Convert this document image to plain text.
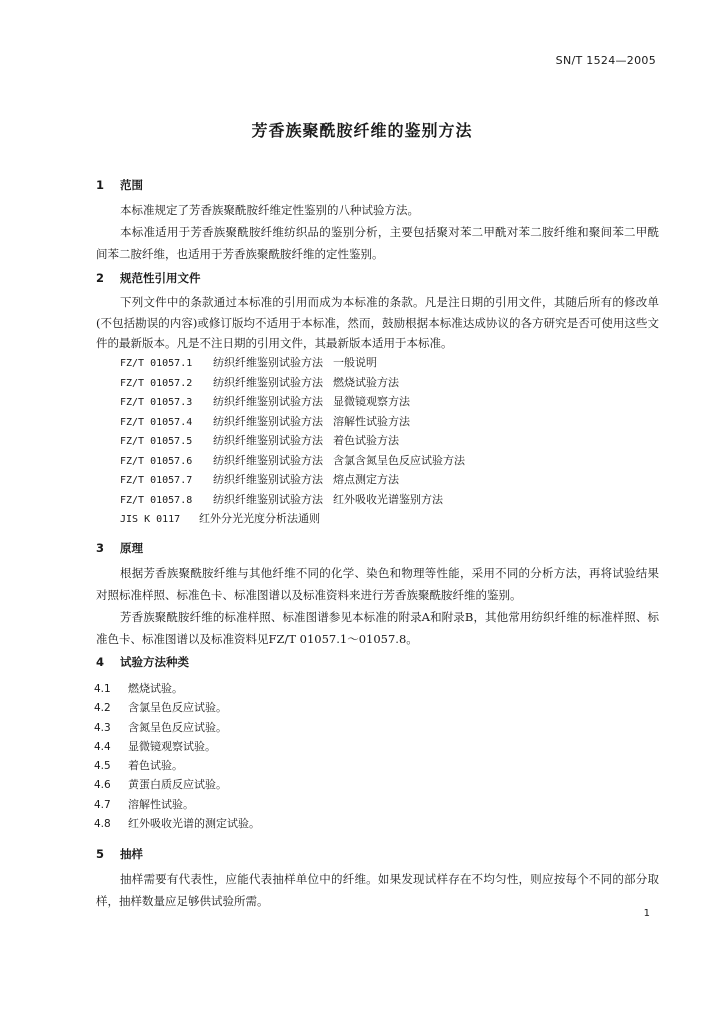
SN/T 1524—2005
芳香族聚酰胺纤维的鉴别方法
1 范围

本标准规定了芳香族聚酰胺纤维定性鉴别的八种试验方法。

本标准适用于芳香族聚酰胺纤维纺织品的鉴别分析，主要包括聚对苯二甲酰对苯二胺纤维和聚间苯二甲酰间苯二胺纤维，也适用于芳香族聚酰胺纤维的定性鉴别。

2 规范性引用文件

下列文件中的条款通过本标准的引用而成为本标准的条款。凡是注日期的引用文件，其随后所有的修改单(不包括勘误的内容)或修订版均不适用于本标准，然而，鼓励根据本标准达成协议的各方研究是否可使用这些文件的最新版本。凡是不注日期的引用文件，其最新版本适用于本标准。

FZ/T 01057.1 纺织纤维鉴别试验方法 一般说明
FZ/T 01057.2 纺织纤维鉴别试验方法 燃烧试验方法
FZ/T 01057.3 纺织纤维鉴别试验方法 显微镜观察方法
FZ/T 01057.4 纺织纤维鉴别试验方法 溶解性试验方法
FZ/T 01057.5 纺织纤维鉴别试验方法 着色试验方法
FZ/T 01057.6 纺织纤维鉴别试验方法 含氯含氮呈色反应试验方法
FZ/T 01057.7 纺织纤维鉴别试验方法 熔点测定方法
FZ/T 01057.8 纺织纤维鉴别试验方法 红外吸收光谱鉴别方法
JIS K 0117 红外分光光度分析法通则
3 原理

根据芳香族聚酰胺纤维与其他纤维不同的化学、染色和物理等性能，采用不同的分析方法，再将试验结果对照标准样照、标准色卡、标准图谱以及标准资料来进行芳香族聚酰胺纤维的鉴别。

芳香族聚酰胺纤维的标准样照、标准图谱参见本标准的附录A和附录B，其他常用纺织纤维的标准样照、标准色卡、标准图谱以及标准资料见FZ/T 01057.1～01057.8。

4 试验方法种类
4.1 燃烧试验。
4.2 含氯呈色反应试验。
4.3 含氮呈色反应试验。
4.4 显微镜观察试验。
4.5 着色试验。
4.6 黄蛋白质反应试验。
4.7 溶解性试验。
4.8 红外吸收光谱的测定试验。
5 抽样

抽样需要有代表性，应能代表抽样单位中的纤维。如果发现试样存在不均匀性，则应按每个不同的部分取样，抽样数量应足够供试验所需。

1
